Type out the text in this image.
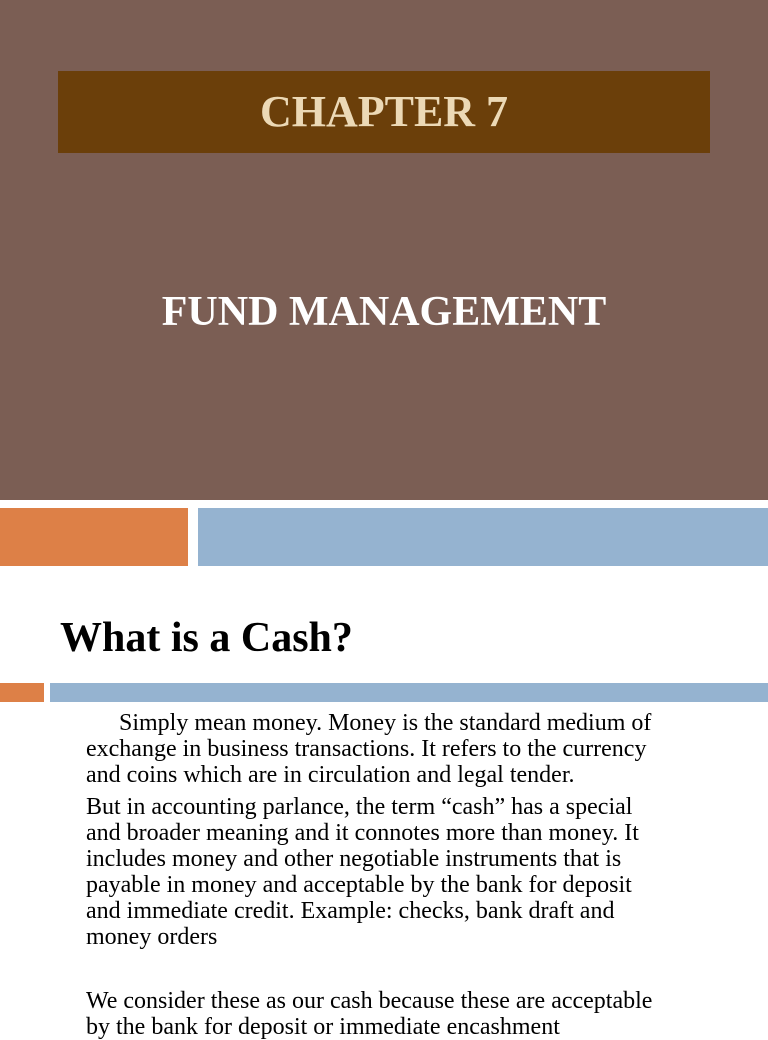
CHAPTER 7
FUND MANAGEMENT
What is a Cash?

Simply mean money. Money is the standard medium of
exchange in business transactions. It refers to the currency
and coins which are in circulation and legal tender.

But in accounting parlance, the term “cash” has a special
and broader meaning and it connotes more than money. It
includes money and other negotiable instruments that is
payable in money and acceptable by the bank for deposit
and immediate credit. Example: checks, bank draft and
money orders

We consider these as our cash because these are acceptable
by the bank for deposit or immediate encashment
